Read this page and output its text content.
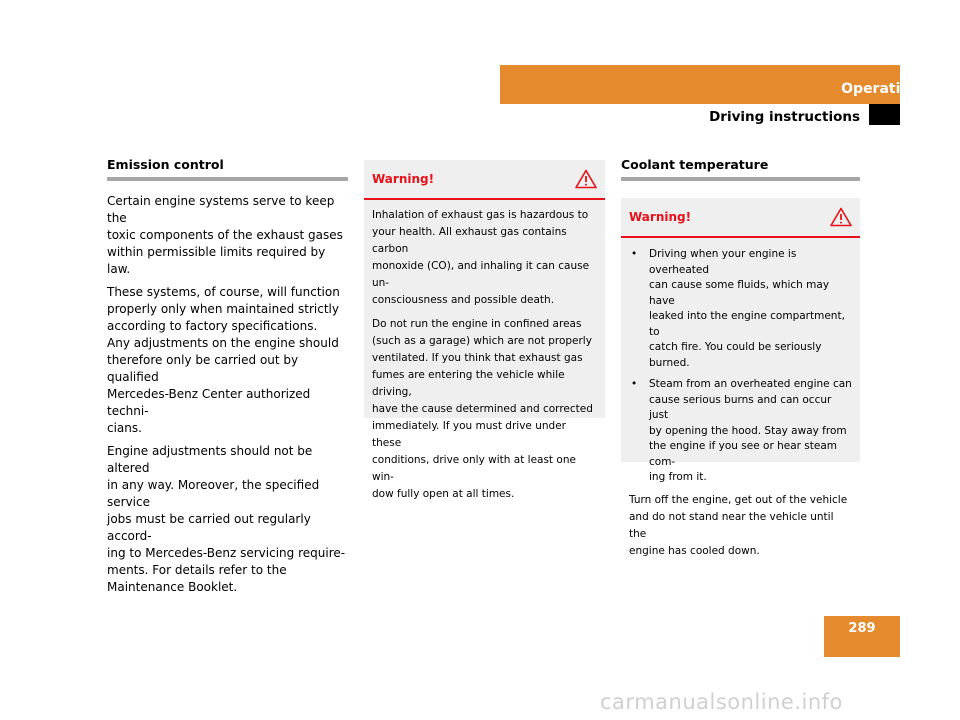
Operation
Driving instructions
Emission control

Certain engine systems serve to keep the
toxic components of the exhaust gases
within permissible limits required by law.

These systems, of course, will function
properly only when maintained strictly
according to factory specifications.
Any adjustments on the engine should
therefore only be carried out by qualified
Mercedes-Benz Center authorized techni-
cians.

Engine adjustments should not be altered
in any way. Moreover, the specified service
jobs must be carried out regularly accord-
ing to Mercedes-Benz servicing require-
ments. For details refer to the
Maintenance Booklet.

Warning!

Inhalation of exhaust gas is hazardous to
your health. All exhaust gas contains carbon
monoxide (CO), and inhaling it can cause un-
consciousness and possible death.

Do not run the engine in confined areas
(such as a garage) which are not properly
ventilated. If you think that exhaust gas
fumes are entering the vehicle while driving,
have the cause determined and corrected
immediately. If you must drive under these
conditions, drive only with at least one win-
dow fully open at all times.

Coolant temperature
Warning!
• Driving when your engine is overheated
can cause some fluids, which may have
leaked into the engine compartment, to
catch fire. You could be seriously
burned.
• Steam from an overheated engine can
cause serious burns and can occur just
by opening the hood. Stay away from
the engine if you see or hear steam com-
ing from it.

Turn off the engine, get out of the vehicle
and do not stand near the vehicle until the
engine has cooled down.

289
carmanualsonline.info
